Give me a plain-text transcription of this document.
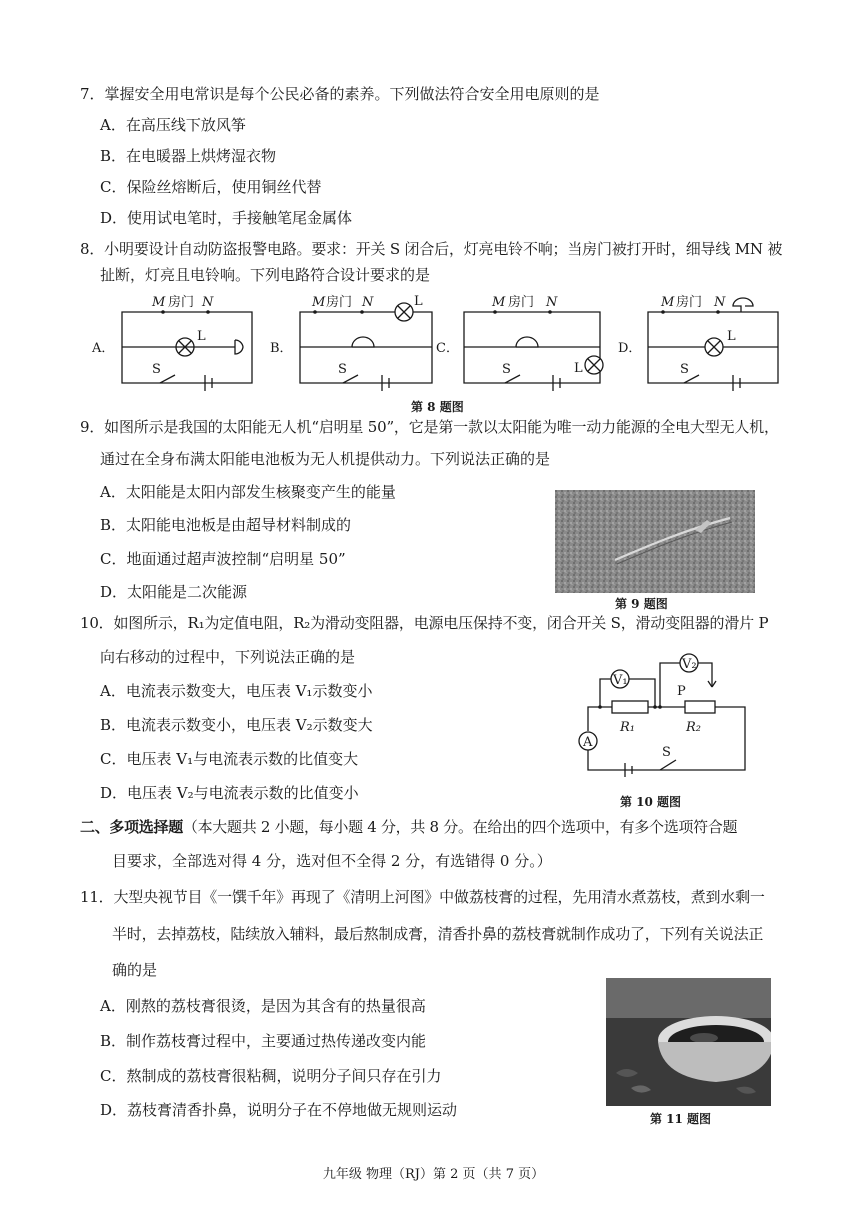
7．掌握安全用电常识是每个公民必备的素养。下列做法符合安全用电原则的是
A．在高压线下放风筝
B．在电暖器上烘烤湿衣物
C．保险丝熔断后，使用铜丝代替
D．使用试电笔时，手接触笔尾金属体
8．小明要设计自动防盗报警电路。要求：开关 S 闭合后，灯亮电铃不响；当房门被打开时，细导线 MN 被
扯断，灯亮且电铃响。下列电路符合设计要求的是
A．	B．	C．	D．
M 房门 N
L
S
M 房门 N	L
S
M 房门 N
L
S
M 房门 N
L
S
第 8 题图
9．如图所示是我国的太阳能无人机“启明星 50”，它是第一款以太阳能为唯一动力能源的全电大型无人机，
通过在全身布满太阳能电池板为无人机提供动力。下列说法正确的是
A．太阳能是太阳内部发生核聚变产生的能量
B．太阳能电池板是由超导材料制成的
C．地面通过超声波控制“启明星 50”
D．太阳能是二次能源
第 9 题图
10．如图所示，R₁为定值电阻，R₂为滑动变阻器，电源电压保持不变，闭合开关 S，滑动变阻器的滑片 P
向右移动的过程中，下列说法正确的是
A．电流表示数变大，电压表 V₁示数变小
B．电流表示数变小，电压表 V₂示数变大
C．电压表 V₁与电流表示数的比值变大
D．电压表 V₂与电流表示数的比值变小
V₁
V₂
P
R₁	R₂
A
S
第 10 题图
二、多项选择题（本大题共 2 小题，每小题 4 分，共 8 分。在给出的四个选项中，有多个选项符合题
目要求，全部选对得 4 分，选对但不全得 2 分，有选错得 0 分。）
11．大型央视节目《一馔千年》再现了《清明上河图》中做荔枝膏的过程，先用清水煮荔枝，煮到水剩一
半时，去掉荔枝，陆续放入辅料，最后熬制成膏，清香扑鼻的荔枝膏就制作成功了，下列有关说法正
确的是
A．刚熬的荔枝膏很烫，是因为其含有的热量很高
B．制作荔枝膏过程中，主要通过热传递改变内能
C．熬制成的荔枝膏很粘稠，说明分子间只存在引力
D．荔枝膏清香扑鼻，说明分子在不停地做无规则运动	第 11 题图
九年级 物理（RJ）第 2 页（共 7 页）
